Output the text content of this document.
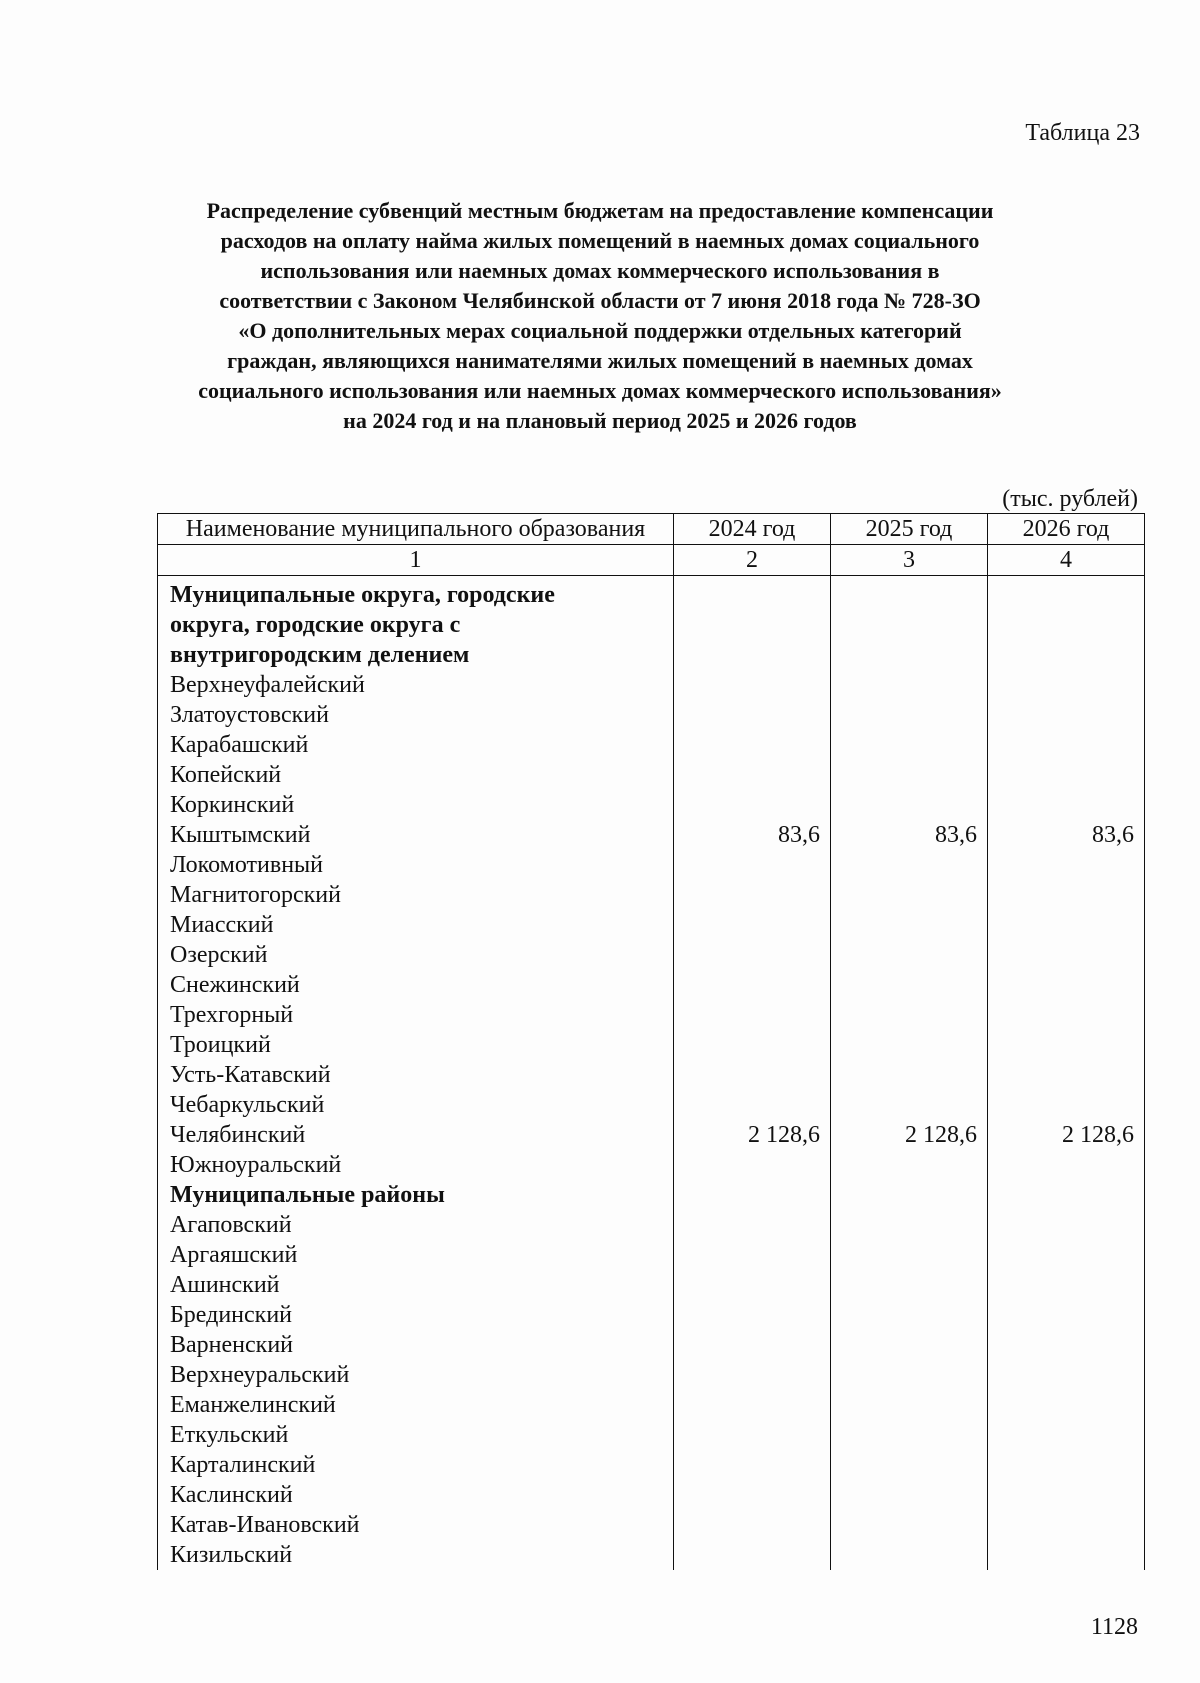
Таблица 23
Распределение субвенций местным бюджетам на предоставление компенсации
расходов на оплату найма жилых помещений в наемных домах социального
использования или наемных домах коммерческого использования в
соответствии с Законом Челябинской области от 7 июня 2018 года № 728-ЗО
«О дополнительных мерах социальной поддержки отдельных категорий
граждан, являющихся нанимателями жилых помещений в наемных домах
социального использования или наемных домах коммерческого использования»
на 2024 год и на плановый период 2025 и 2026 годов
(тыс. рублей)
Наименование муниципального образования	2024 год	2025 год	2026 год
1	2	3	4
Муниципальные округа, городские			
округа, городские округа с			
внутригородским делением			
Верхнеуфалейский			
Златоустовский			
Карабашский			
Копейский			
Коркинский			
Кыштымский	83,6	83,6	83,6
Локомотивный			
Магнитогорский			
Миасский			
Озерский			
Снежинский			
Трехгорный			
Троицкий			
Усть-Катавский			
Чебаркульский			
Челябинский	2 128,6	2 128,6	2 128,6
Южноуральский			
Муниципальные районы			
Агаповский			
Аргаяшский			
Ашинский			
Брединский			
Варненский			
Верхнеуральский			
Еманжелинский			
Еткульский			
Карталинский			
Каслинский			
Катав-Ивановский			
Кизильский			
1128
